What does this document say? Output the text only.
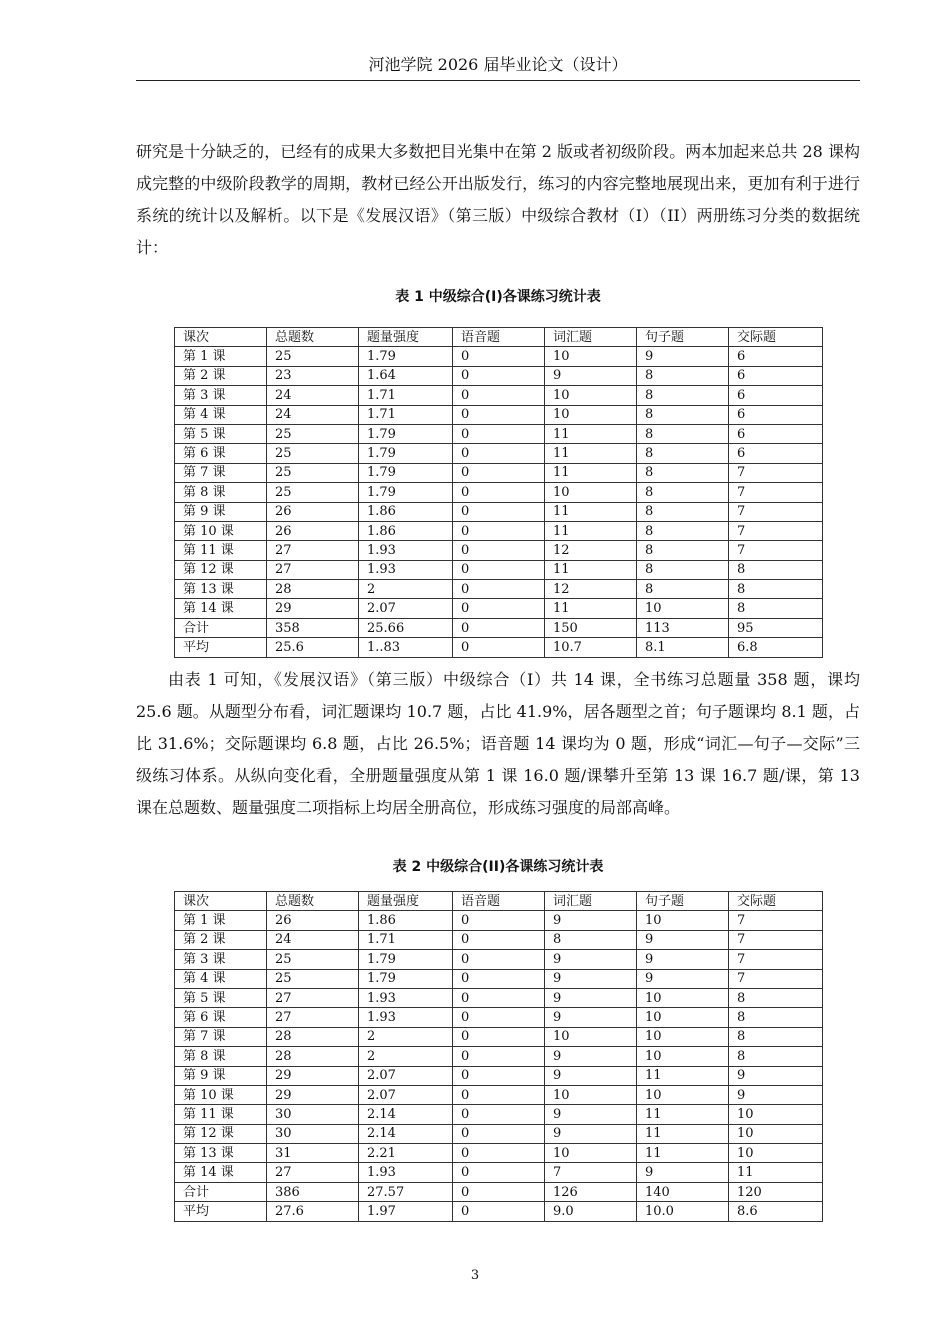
河池学院 2026 届毕业论文（设计）

研究是十分缺乏的，已经有的成果大多数把目光集中在第 2 版或者初级阶段。两本加起来总共 28 课构成完整的中级阶段教学的周期，教材已经公开出版发行，练习的内容完整地展现出来，更加有利于进行系统的统计以及解析。以下是《发展汉语》（第三版）中级综合教材（I）（II）两册练习分类的数据统计：

表 1 中级综合(I)各课练习统计表
课次	总题数	题量强度	语音题	词汇题	句子题	交际题
第 1 课	25	1.79	0	10	9	6
第 2 课	23	1.64	0	9	8	6
第 3 课	24	1.71	0	10	8	6
第 4 课	24	1.71	0	10	8	6
第 5 课	25	1.79	0	11	8	6
第 6 课	25	1.79	0	11	8	6
第 7 课	25	1.79	0	11	8	7
第 8 课	25	1.79	0	10	8	7
第 9 课	26	1.86	0	11	8	7
第 10 课	26	1.86	0	11	8	7
第 11 课	27	1.93	0	12	8	7
第 12 课	27	1.93	0	11	8	8
第 13 课	28	2	0	12	8	8
第 14 课	29	2.07	0	11	10	8
合计	358	25.66	0	150	113	95
平均	25.6	1..83	0	10.7	8.1	6.8

由表 1 可知，《发展汉语》（第三版）中级综合（Ⅰ）共 14 课，全书练习总题量 358 题，课均 25.6 题。从题型分布看，词汇题课均 10.7 题，占比 41.9%，居各题型之首；句子题课均 8.1 题，占比 31.6%；交际题课均 6.8 题，占比 26.5%；语音题 14 课均为 0 题，形成“词汇—句子—交际”三级练习体系。从纵向变化看，全册题量强度从第 1 课 16.0 题/课攀升至第 13 课 16.7 题/课，第 13 课在总题数、题量强度二项指标上均居全册高位，形成练习强度的局部高峰。

表 2 中级综合(II)各课练习统计表
课次	总题数	题量强度	语音题	词汇题	句子题	交际题
第 1 课	26	1.86	0	9	10	7
第 2 课	24	1.71	0	8	9	7
第 3 课	25	1.79	0	9	9	7
第 4 课	25	1.79	0	9	9	7
第 5 课	27	1.93	0	9	10	8
第 6 课	27	1.93	0	9	10	8
第 7 课	28	2	0	10	10	8
第 8 课	28	2	0	9	10	8
第 9 课	29	2.07	0	9	11	9
第 10 课	29	2.07	0	10	10	9
第 11 课	30	2.14	0	9	11	10
第 12 课	30	2.14	0	9	11	10
第 13 课	31	2.21	0	10	11	10
第 14 课	27	1.93	0	7	9	11
合计	386	27.57	0	126	140	120
平均	27.6	1.97	0	9.0	10.0	8.6
3
